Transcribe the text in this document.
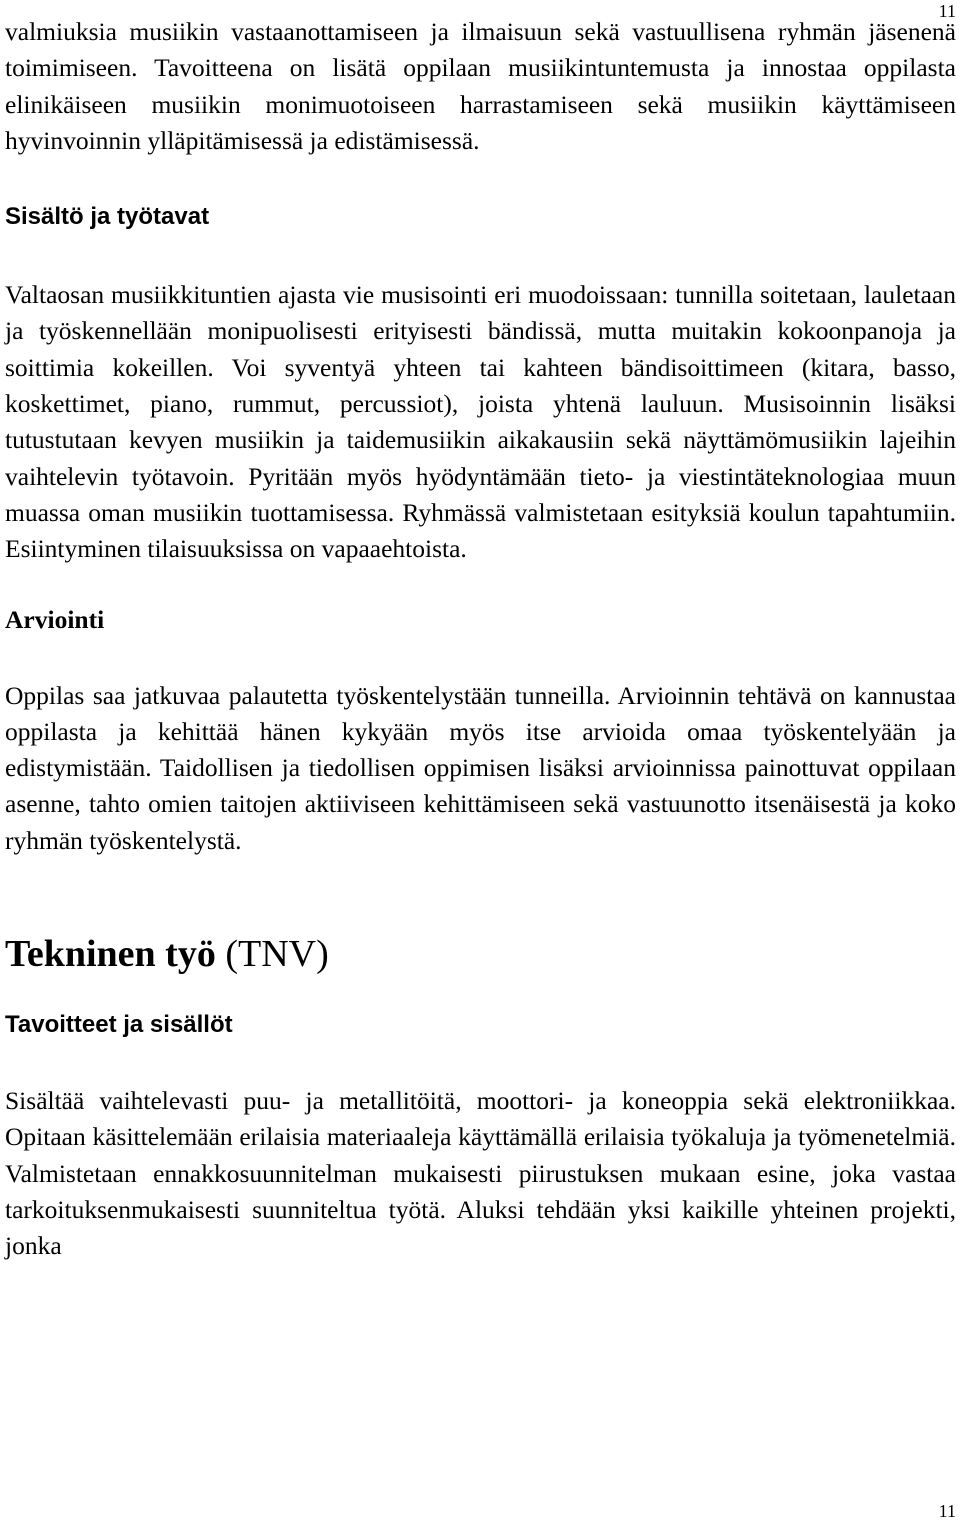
11

valmiuksia musiikin vastaanottamiseen ja ilmaisuun sekä vastuullisena ryhmän jäsenenä toimimiseen. Tavoitteena on lisätä oppilaan musiikintuntemusta ja innostaa oppilasta elinikäiseen musiikin monimuotoiseen harrastamiseen sekä musiikin käyttämiseen hyvinvoinnin ylläpitämisessä ja edistämisessä.

Sisältö ja työtavat

Valtaosan musiikkituntien ajasta vie musisointi eri muodoissaan: tunnilla soitetaan, lauletaan ja työskennellään monipuolisesti erityisesti bändissä, mutta muitakin kokoonpanoja ja soittimia kokeillen. Voi syventyä yhteen tai kahteen bändisoittimeen (kitara, basso, koskettimet, piano, rummut, percussiot), joista yhtenä lauluun. Musisoinnin lisäksi tutustutaan kevyen musiikin ja taidemusiikin aikakausiin sekä näyttämömusiikin lajeihin vaihtelevin työtavoin. Pyritään myös hyödyntämään tieto- ja viestintäteknologiaa muun muassa oman musiikin tuottamisessa. Ryhmässä valmistetaan esityksiä koulun tapahtumiin. Esiintyminen tilaisuuksissa on vapaaehtoista.

Arviointi

Oppilas saa jatkuvaa palautetta työskentelystään tunneilla. Arvioinnin tehtävä on kannustaa oppilasta ja kehittää hänen kykyään myös itse arvioida omaa työskentelyään ja edistymistään. Taidollisen ja tiedollisen oppimisen lisäksi arvioinnissa painottuvat oppilaan asenne, tahto omien taitojen aktiiviseen kehittämiseen sekä vastuunotto itsenäisestä ja koko ryhmän työskentelystä.

Tekninen työ (TNV)
Tavoitteet ja sisällöt

Sisältää vaihtelevasti puu- ja metallitöitä, moottori- ja koneoppia sekä elektroniikkaa. Opitaan käsittelemään erilaisia materiaaleja käyttämällä erilaisia työkaluja ja työmenetelmiä. Valmistetaan ennakkosuunnitelman mukaisesti piirustuksen mukaan esine, joka vastaa tarkoituksenmukaisesti suunniteltua työtä. Aluksi tehdään yksi kaikille yhteinen projekti, jonka

11
